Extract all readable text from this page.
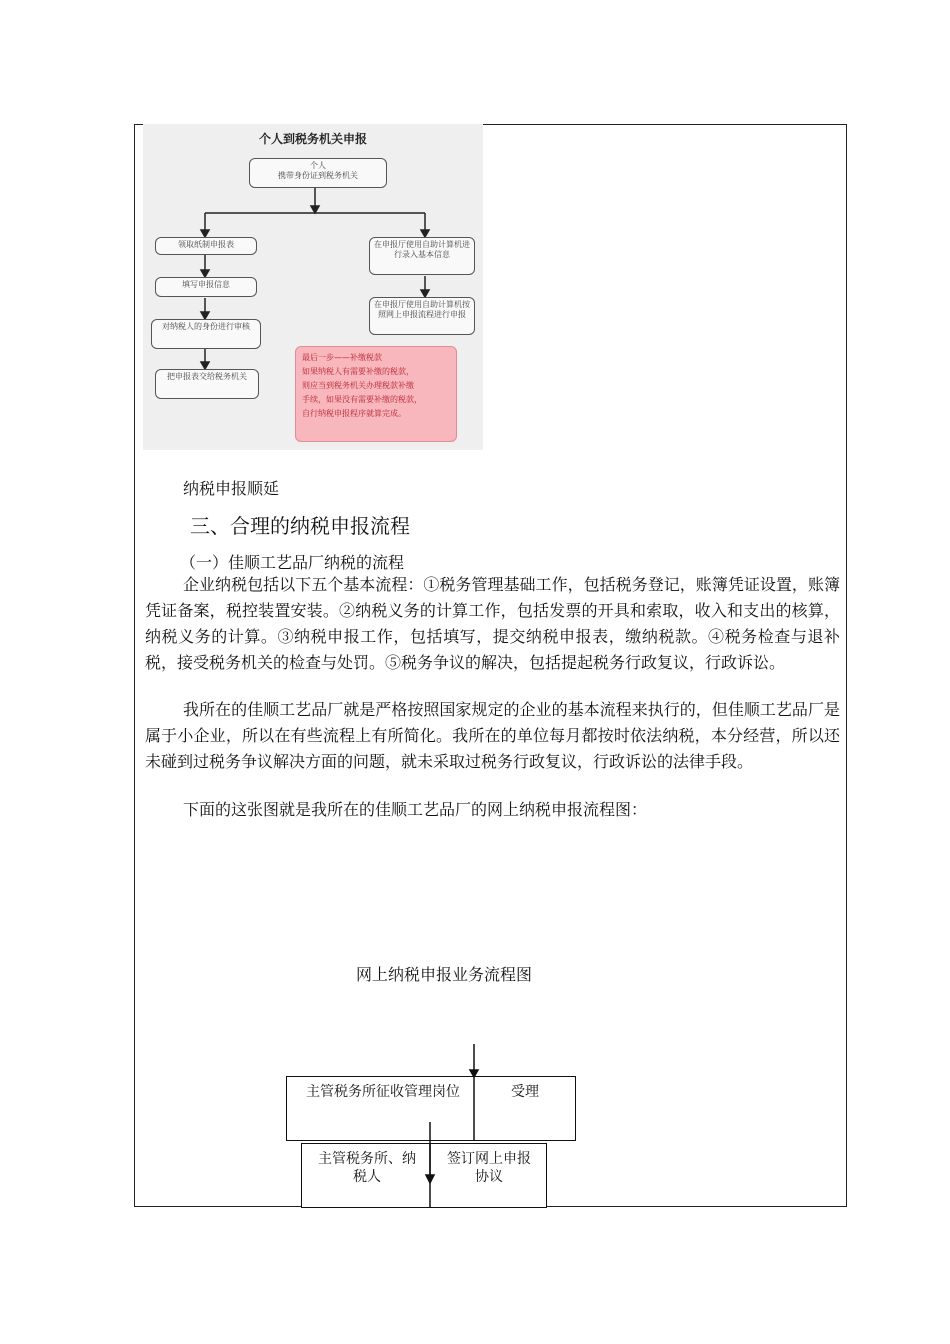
个人到税务机关申报
个人
携带身份证到税务机关
领取纸制申报表
填写申报信息
对纳税人的身份进行审核
把申报表交给税务机关
在申报厅使用自助计算机进行录入基本信息
在申报厅使用自助计算机按照网上申报流程进行申报
最后一步——补缴税款
如果纳税人有需要补缴的税款，
则应当到税务机关办理税款补缴
手续，如果没有需要补缴的税款，
自行纳税申报程序就算完成。
纳税申报顺延
三、合理的纳税申报流程
（一）佳顺工艺品厂纳税的流程

企业纳税包括以下五个基本流程：①税务管理基础工作，包括税务登记，账簿凭证设置，账簿凭证备案，税控装置安装。②纳税义务的计算工作，包括发票的开具和索取，收入和支出的核算，纳税义务的计算。③纳税申报工作，包括填写，提交纳税申报表，缴纳税款。④税务检查与退补税，接受税务机关的检查与处罚。⑤税务争议的解决，包括提起税务行政复议，行政诉讼。

我所在的佳顺工艺品厂就是严格按照国家规定的企业的基本流程来执行的，但佳顺工艺品厂是属于小企业，所以在有些流程上有所简化。我所在的单位每月都按时依法纳税，本分经营，所以还未碰到过税务争议解决方面的问题，就未采取过税务行政复议，行政诉讼的法律手段。

下面的这张图就是我所在的佳顺工艺品厂的网上纳税申报流程图：

网上纳税申报业务流程图
主管税务所征收管理岗位	受理
主管税务所、纳税人
签订网上申报协议
